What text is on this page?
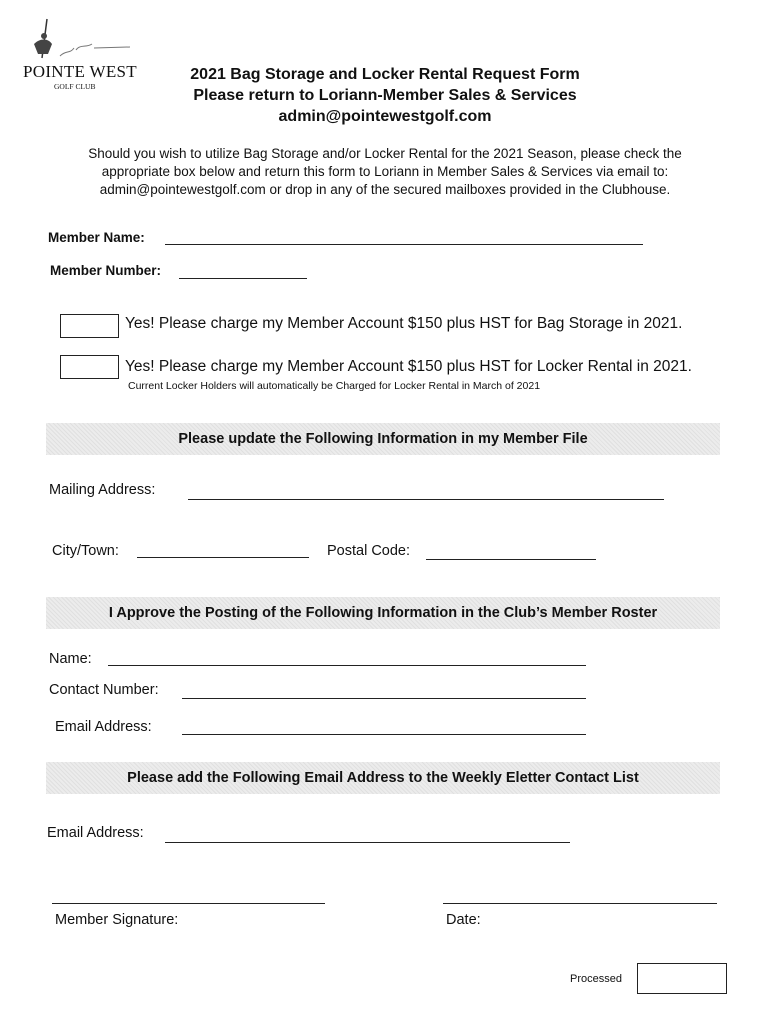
POINTE WEST
GOLF CLUB
2021 Bag Storage and Locker Rental Request Form
Please return to Loriann-Member Sales & Services
admin@pointewestgolf.com
Should you wish to utilize Bag Storage and/or Locker Rental for the 2021 Season, please check the
appropriate box below and return this form to Loriann in Member Sales & Services via email to:
admin@pointewestgolf.com or drop in any of the secured mailboxes provided in the Clubhouse.
Member Name:
Member Number:
Yes! Please charge my Member Account $150 plus HST for Bag Storage in 2021.
Yes! Please charge my Member Account $150 plus HST for Locker Rental in 2021.
Current Locker Holders will automatically be Charged for Locker Rental in March of 2021
Please update the Following Information in my Member File
Mailing Address:
City/Town:	Postal Code:
I Approve the Posting of the Following Information in the Club’s Member Roster
Name:
Contact Number:
Email Address:
Please add the Following Email Address to the Weekly Eletter Contact List
Email Address:
Member Signature:	Date:
Processed
